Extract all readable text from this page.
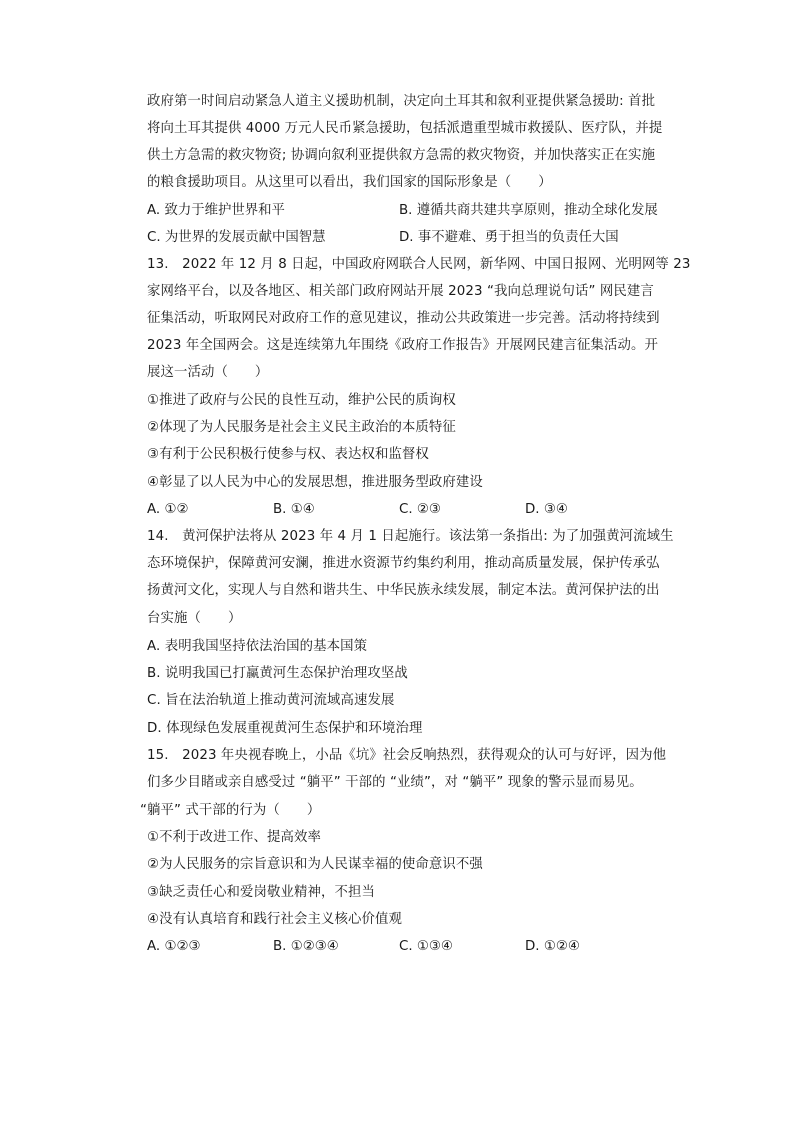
政府第一时间启动紧急人道主义援助机制，决定向土耳其和叙利亚提供紧急援助: 首批
将向土耳其提供 4000 万元人民币紧急援助，包括派遣重型城市救援队、医疗队，并提
供土方急需的救灾物资; 协调向叙利亚提供叙方急需的救灾物资，并加快落实正在实施
的粮食援助项目。从这里可以看出，我们国家的国际形象是（　　）
A. 致力于维护世界和平	B. 遵循共商共建共享原则，推动全球化发展
C. 为世界的发展贡献中国智慧	D. 事不避难、勇于担当的负责任大国
13.　2022 年 12 月 8 日起，中国政府网联合人民网，新华网、中国日报网、光明网等 23
家网络平台，以及各地区、相关部门政府网站开展 2023 “我向总理说句话” 网民建言
征集活动，听取网民对政府工作的意见建议，推动公共政策进一步完善。活动将持续到
2023 年全国两会。这是连续第九年围绕《政府工作报告》开展网民建言征集活动。开
展这一活动（　　）
①推进了政府与公民的良性互动，维护公民的质询权
②体现了为人民服务是社会主义民主政治的本质特征
③有利于公民积极行使参与权、表达权和监督权
④彰显了以人民为中心的发展思想，推进服务型政府建设
A. ①②	B. ①④	C. ②③	D. ③④
14.　黄河保护法将从 2023 年 4 月 1 日起施行。该法第一条指出: 为了加强黄河流域生
态环境保护，保障黄河安澜，推进水资源节约集约利用，推动高质量发展，保护传承弘
扬黄河文化，实现人与自然和谐共生、中华民族永续发展，制定本法。黄河保护法的出
台实施（　　）
A. 表明我国坚持依法治国的基本国策
B. 说明我国已打赢黄河生态保护治理攻坚战
C. 旨在法治轨道上推动黄河流域高速发展
D. 体现绿色发展重视黄河生态保护和环境治理
15.　2023 年央视春晚上，小品《坑》社会反响热烈，获得观众的认可与好评，因为他
们多少目睹或亲自感受过 “躺平” 干部的 “业绩”，对 “躺平” 现象的警示显而易见。
“躺平” 式干部的行为（　　）
①不利于改进工作、提高效率
②为人民服务的宗旨意识和为人民谋幸福的使命意识不强
③缺乏责任心和爱岗敬业精神，不担当
④没有认真培育和践行社会主义核心价值观
A. ①②③	B. ①②③④	C. ①③④	D. ①②④
